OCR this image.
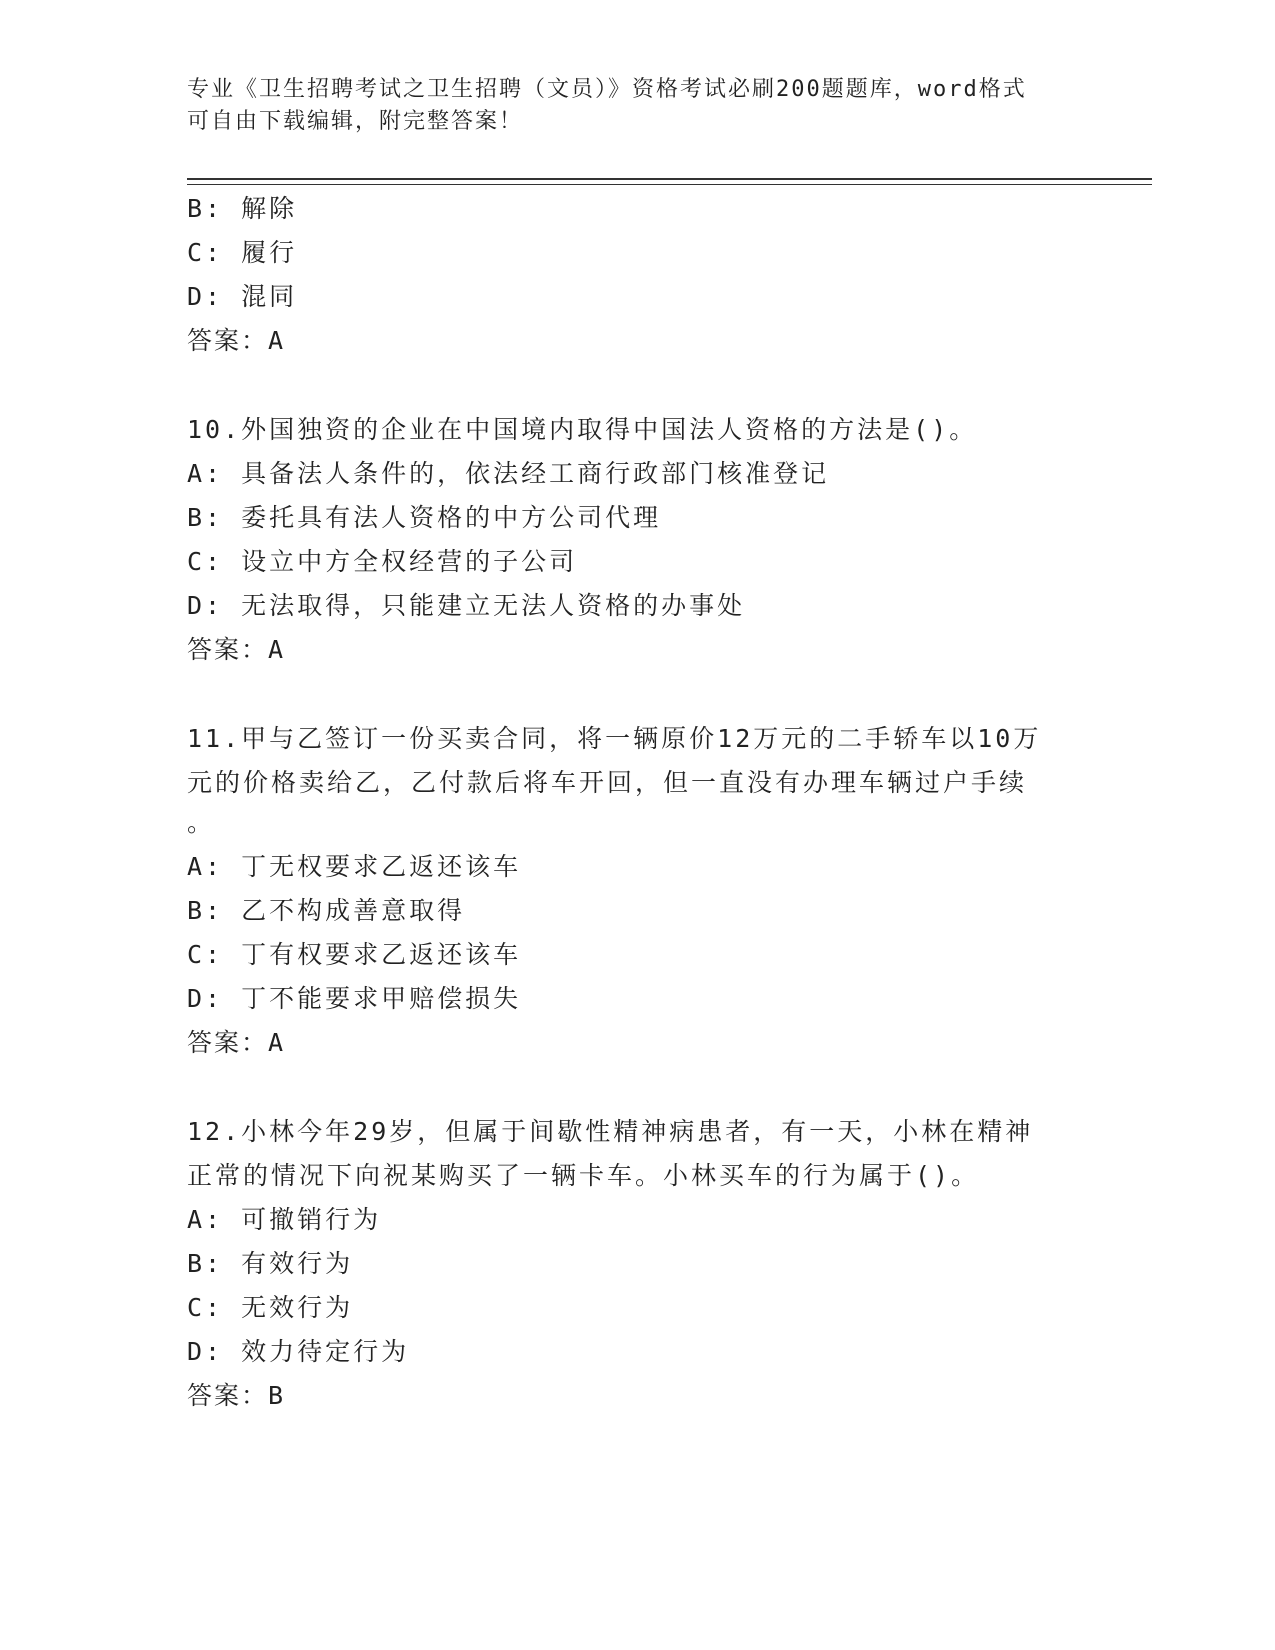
专业《卫生招聘考试之卫生招聘（文员）》资格考试必刷200题题库，word格式

可自由下载编辑，附完整答案！

B: 解除
C: 履行
D: 混同
答案：A
10.外国独资的企业在中国境内取得中国法人资格的方法是()。
A: 具备法人条件的，依法经工商行政部门核准登记
B: 委托具有法人资格的中方公司代理
C: 设立中方全权经营的子公司
D: 无法取得，只能建立无法人资格的办事处
答案：A
11.甲与乙签订一份买卖合同，将一辆原价12万元的二手轿车以10万
元的价格卖给乙，乙付款后将车开回，但一直没有办理车辆过户手续
。
A: 丁无权要求乙返还该车
B: 乙不构成善意取得
C: 丁有权要求乙返还该车
D: 丁不能要求甲赔偿损失
答案：A
12.小林今年29岁，但属于间歇性精神病患者，有一天，小林在精神
正常的情况下向祝某购买了一辆卡车。小林买车的行为属于()。
A: 可撤销行为
B: 有效行为
C: 无效行为
D: 效力待定行为
答案：B
